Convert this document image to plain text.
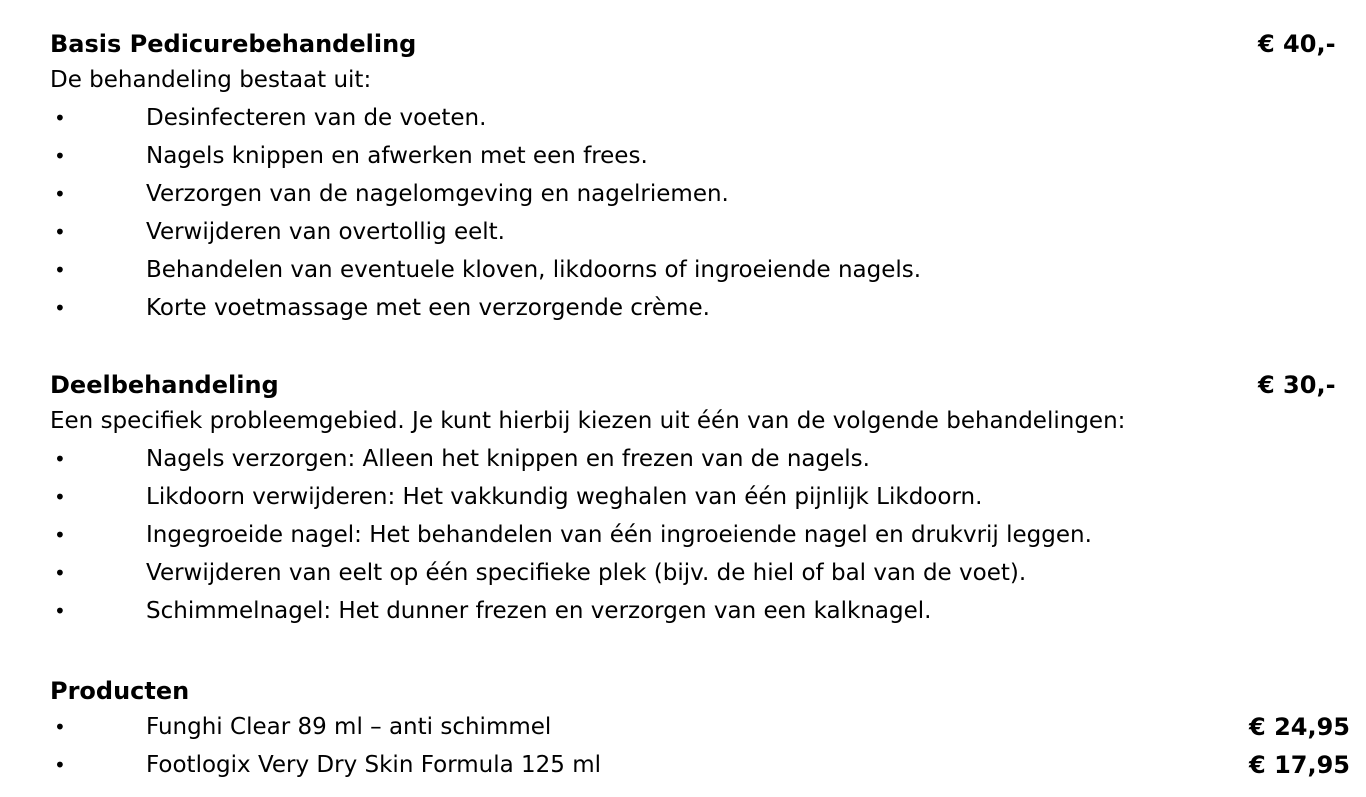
Basis Pedicurebehandeling	€ 40,-
De behandeling bestaat uit:
•	Desinfecteren van de voeten.
•	Nagels knippen en afwerken met een frees.
•	Verzorgen van de nagelomgeving en nagelriemen.
•	Verwijderen van overtollig eelt.
•	Behandelen van eventuele kloven, likdoorns of ingroeiende nagels.
•	Korte voetmassage met een verzorgende crème.
Deelbehandeling	€ 30,-
Een specifiek probleemgebied. Je kunt hierbij kiezen uit één van de volgende behandelingen:
•	Nagels verzorgen: Alleen het knippen en frezen van de nagels.
•	Likdoorn verwijderen: Het vakkundig weghalen van één pijnlijk Likdoorn.
•	Ingegroeide nagel: Het behandelen van één ingroeiende nagel en drukvrij leggen.
•	Verwijderen van eelt op één specifieke plek (bijv. de hiel of bal van de voet).
•	Schimmelnagel: Het dunner frezen en verzorgen van een kalknagel.
Producten
•	Funghi Clear 89 ml – anti schimmel	€ 24,95
•	Footlogix Very Dry Skin Formula 125 ml	€ 17,95
